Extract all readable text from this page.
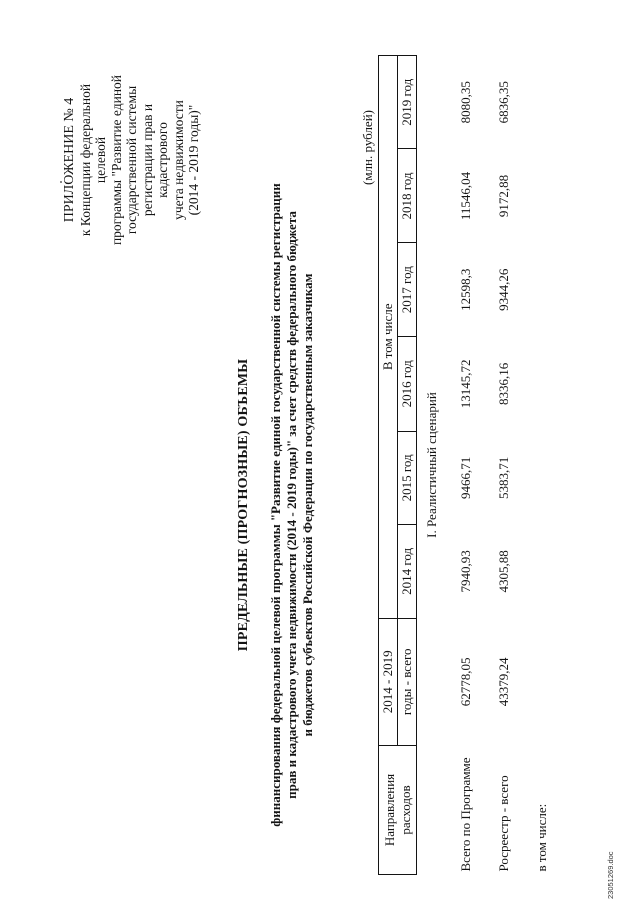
ПРИЛОЖЕНИЕ № 4 к Концепции федеральной целевой программы "Развитие единой государственной системы регистрации прав и кадастрового учета недвижимости (2014 - 2019 годы)"
ПРЕДЕЛЬНЫЕ (ПРОГНОЗНЫЕ) ОБЪЕМЫ финансирования федеральной целевой программы "Развитие единой государственной системы регистрации прав и кадастрового учета недвижимости (2014 - 2019 годы)" за счет средств федерального бюджета и бюджетов субъектов Российской Федерации по государственным заказчикам
(млн. рублей)
Направления расходов	2014 - 2019	В том числе					
	годы - всего	2014 год	2015 год	2016 год	2017 год	2018 год	2019 год
I. Реалистичный сценарий							
Всего по Программе	62778,05	7940,93	9466,71	13145,72	12598,3	11546,04	8080,35
Росреестр - всего	43379,24	4305,88	5383,71	8336,16	9344,26	9172,88	6836,35
в том числе:							
23051269.doc
